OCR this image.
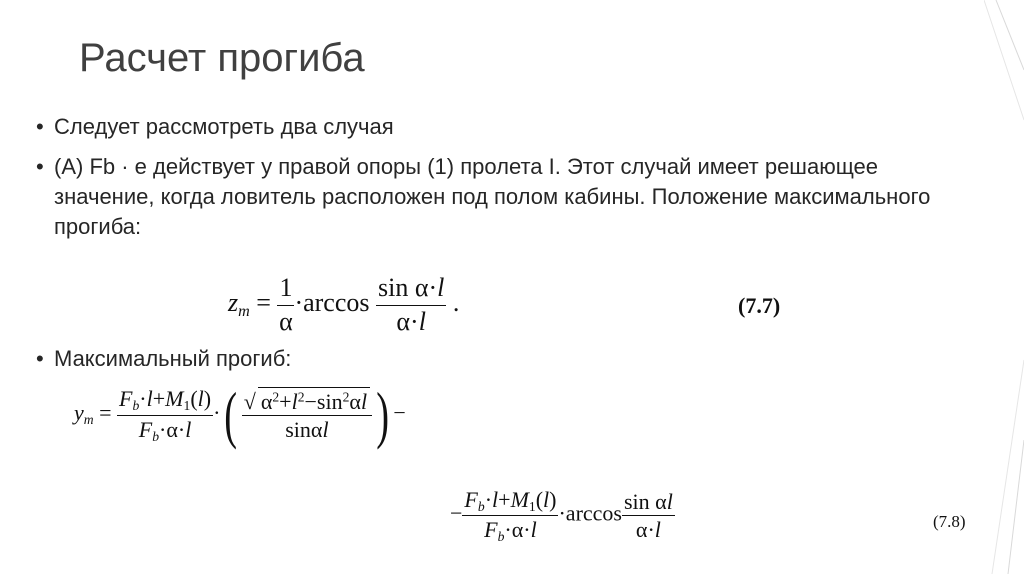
Расчет прогиба
• Следует рассмотреть два случая
• (A) Fb · e действует у правой опоры (1) пролета I. Этот случай имеет решающее значение, когда ловитель расположен под полом кабины. Положение максимального прогиба:
• Максимальный прогиб:
$z_m = \frac{1}{\alpha} \cdot\arccos \frac{\text{sin α·l}}{\alpha\cdot l}$ .	(7.7)
$y_m = \frac{F_b\cdot l+M_1(l)}{F_b\cdot\alpha\cdot l}$ ·( $\frac{√ \alpha^2+l^2-\sin^2\alpha l}{\sin\alpha l}$ ) −
− $\frac{F_b\cdot l+M_1(l)}{F_b\cdot\alpha\cdot l} \cdot\arccos \frac{\text{sin αl}}{\alpha\cdot l}$	(7.8)
